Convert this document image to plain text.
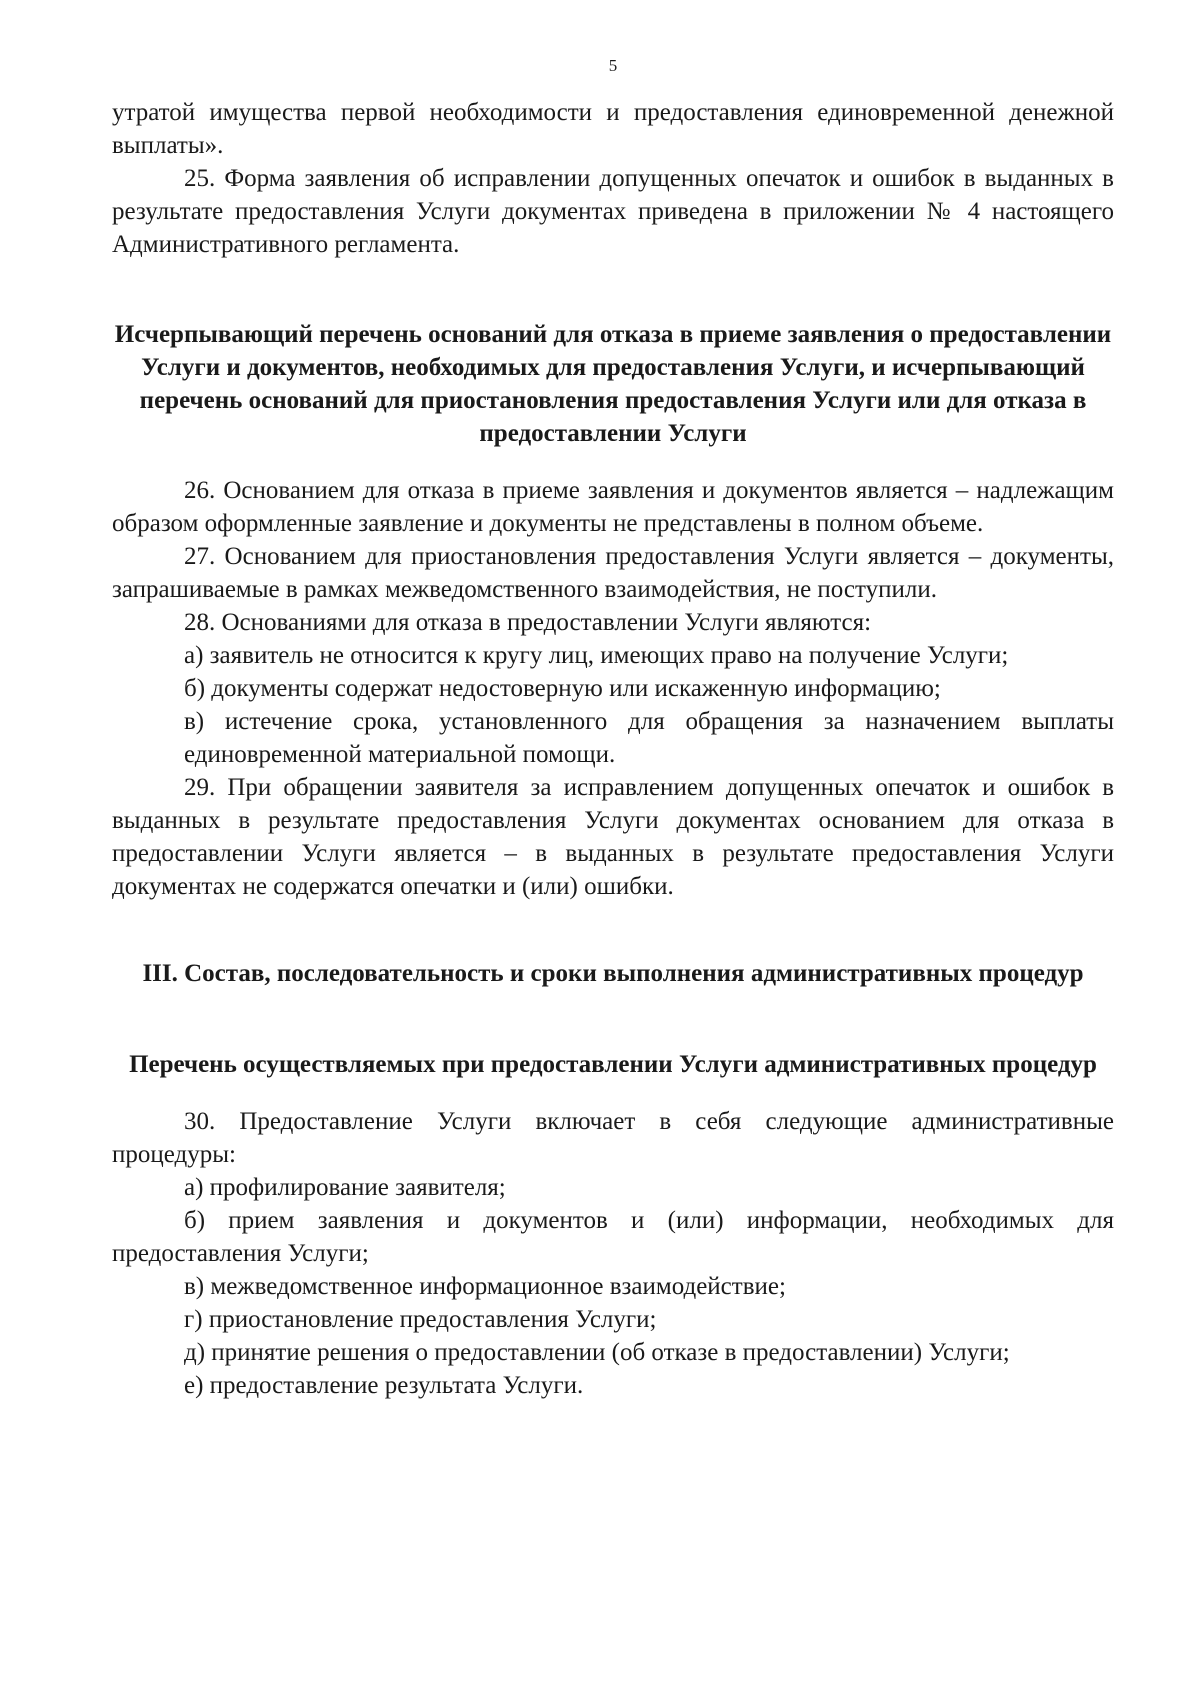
5

утратой имущества первой необходимости и предоставления единовременной денежной выплаты».

25. Форма заявления об исправлении допущенных опечаток и ошибок в выданных в результате предоставления Услуги документах приведена в приложении № 4 настоящего Административного регламента.

Исчерпывающий перечень оснований для отказа в приеме заявления о предоставлении Услуги и документов, необходимых для предоставления Услуги, и исчерпывающий перечень оснований для приостановления предоставления Услуги или для отказа в предоставлении Услуги

26. Основанием для отказа в приеме заявления и документов является – надлежащим образом оформленные заявление и документы не представлены в полном объеме.

27. Основанием для приостановления предоставления Услуги является – документы, запрашиваемые в рамках межведомственного взаимодействия, не поступили.

28. Основаниями для отказа в предоставлении Услуги являются:

а) заявитель не относится к кругу лиц, имеющих право на получение Услуги;

б) документы содержат недостоверную или искаженную информацию;

в) истечение срока, установленного для обращения за назначением выплаты единовременной материальной помощи.

29. При обращении заявителя за исправлением допущенных опечаток и ошибок в выданных в результате предоставления Услуги документах основанием для отказа в предоставлении Услуги является – в выданных в результате предоставления Услуги документах не содержатся опечатки и (или) ошибки.

III. Состав, последовательность и сроки выполнения административных процедур
Перечень осуществляемых при предоставлении Услуги административных процедур

30. Предоставление Услуги включает в себя следующие административные процедуры:

а) профилирование заявителя;

б) прием заявления и документов и (или) информации, необходимых для предоставления Услуги;

в) межведомственное информационное взаимодействие;

г) приостановление предоставления Услуги;

д) принятие решения о предоставлении (об отказе в предоставлении) Услуги;

е) предоставление результата Услуги.
